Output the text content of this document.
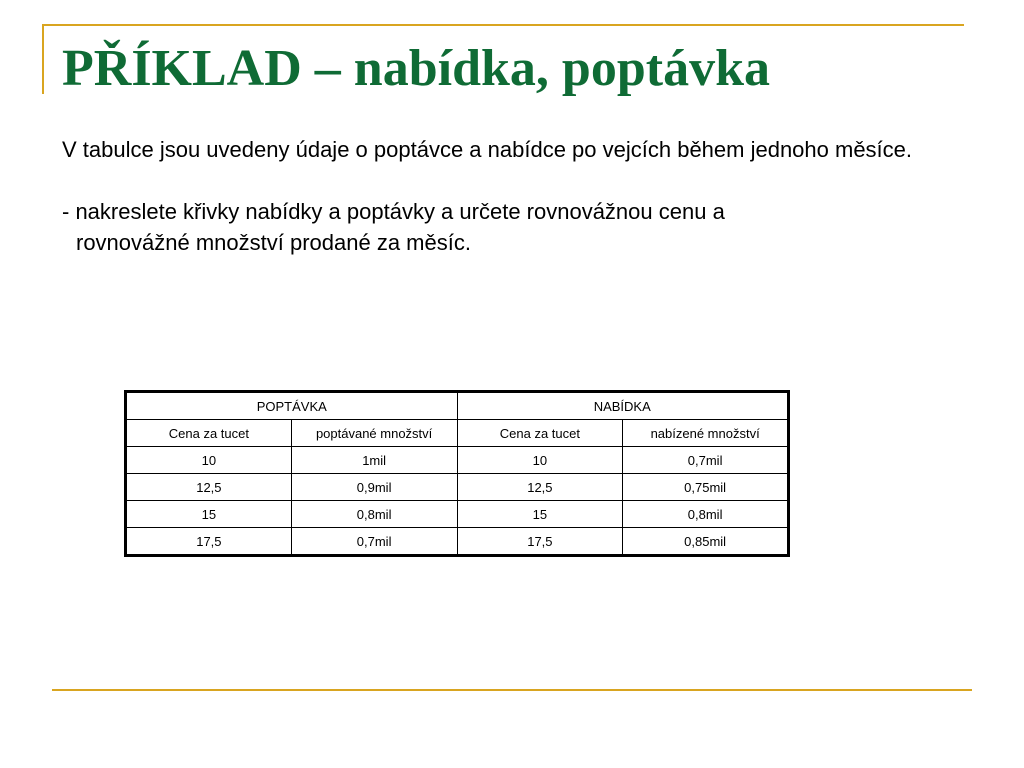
PŘÍKLAD – nabídka, poptávka

V tabulce jsou uvedeny údaje o poptávce a nabídce po vejcích během jednoho měsíce.

- nakreslete křivky nabídky a poptávky a určete rovnovážnou cenu a

rovnovážné množství prodané za měsíc.

POPTÁVKA		NABÍDKA	
Cena za tucet	poptávané množství	Cena za tucet	nabízené množství
10	1mil	10	0,7mil
12,5	0,9mil	12,5	0,75mil
15	0,8mil	15	0,8mil
17,5	0,7mil	17,5	0,85mil
